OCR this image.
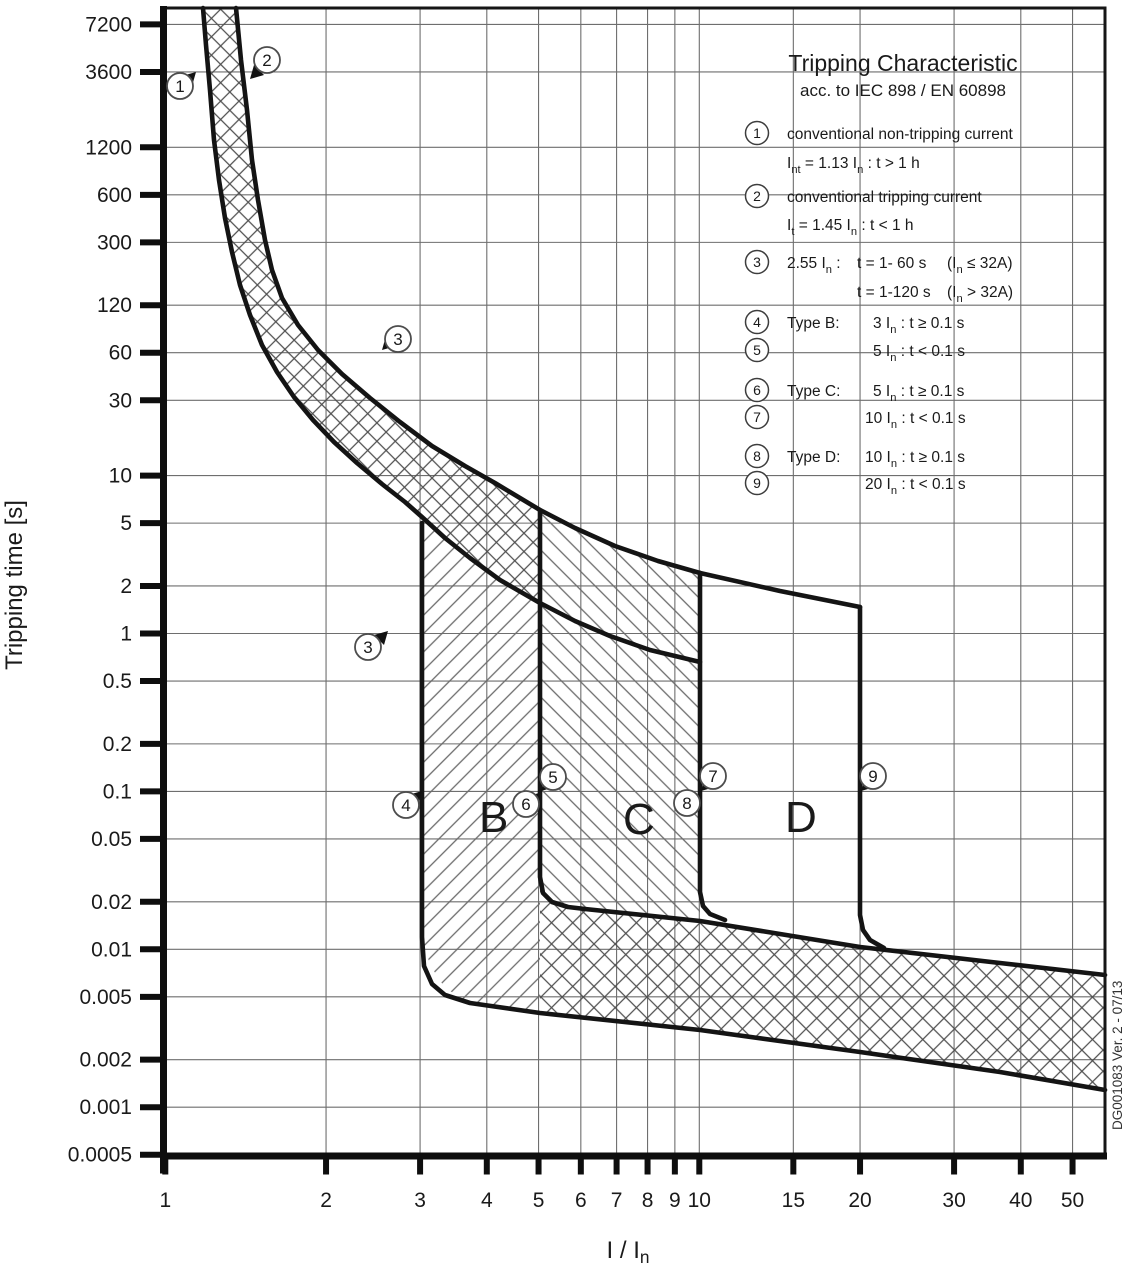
7200
3600
1200
600
300
120
60
30
10
5
2
1
0.5
0.2
0.1
0.05
0.02
0.01
0.005
0.002
0.001
0.0005
1	2	3	4 5 6 7 8 9 10	15 20	30 40 50
B	C	D
1
2
3
3
4
5
6
7
8
9
1 conventional non-tripping current
$I_{nt} = 1.13$ $I_n$ : t > 1 h
2 conventional tripping current
$I_t = 1.45$ $I_n$ : t < 1 h
3 2.55 $I_n$ : t = 1- 60 s $(I_n \le 32A)$
t = 1-120 s $(I_n > 32A)$
4 Type B: 3 $I_n$ : t ≥ 0.1 s
5	5 $I_n$ : t < 0.1 s
6 Type C: 5 $I_n$ : t ≥ 0.1 s
7	10 $I_n$ : t < 0.1 s
8 Type D: 10 $I_n$ : t ≥ 0.1 s
9	20 $I_n$ : t < 0.1 s
Tripping Characteristic
acc. to IEC 898 / EN 60898
Tripping time [s]
I / $I_n$
DG001083 Ver. 2 - 07/13
